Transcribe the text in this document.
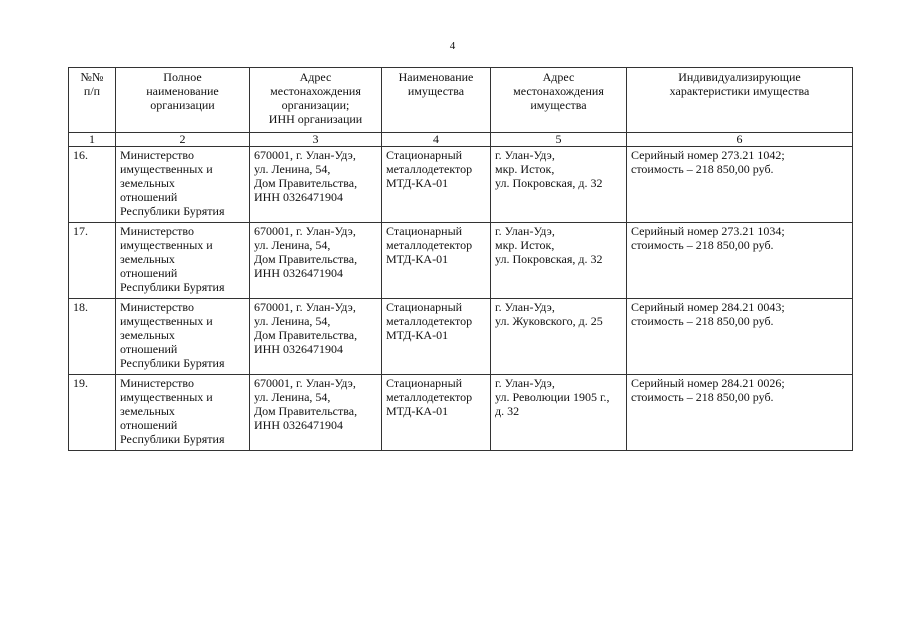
4
№№
п/п	Полное
наименование
организации	Адрес
местонахождения
организации;
ИНН организации	Наименование
имущества	Адрес
местонахождения
имущества	Индивидуализирующие
характеристики имущества

1	2	3	4	5	6
16.	Министерство
имущественных и
земельных
отношений
Республики Бурятия	670001, г. Улан-Удэ,
ул. Ленина, 54,
Дом Правительства,
ИНН 0326471904	Стационарный
металлодетектор
МТД-КА-01	г. Улан-Удэ,
мкр. Исток,
ул. Покровская, д. 32	Серийный номер 273.21 1042;
стоимость – 218 850,00 руб.

17.	Министерство
имущественных и
земельных
отношений
Республики Бурятия	670001, г. Улан-Удэ,
ул. Ленина, 54,
Дом Правительства,
ИНН 0326471904	Стационарный
металлодетектор
МТД-КА-01	г. Улан-Удэ,
мкр. Исток,
ул. Покровская, д. 32	Серийный номер 273.21 1034;
стоимость – 218 850,00 руб.

18.	Министерство
имущественных и
земельных
отношений
Республики Бурятия	670001, г. Улан-Удэ,
ул. Ленина, 54,
Дом Правительства,
ИНН 0326471904	Стационарный
металлодетектор
МТД-КА-01	г. Улан-Удэ,
ул. Жуковского, д. 25	Серийный номер 284.21 0043;
стоимость – 218 850,00 руб.

19.	Министерство
имущественных и
земельных
отношений
Республики Бурятия	670001, г. Улан-Удэ,
ул. Ленина, 54,
Дом Правительства,
ИНН 0326471904	Стационарный
металлодетектор
МТД-КА-01	г. Улан-Удэ,
ул. Революции 1905 г.,
д. 32	Серийный номер 284.21 0026;
стоимость – 218 850,00 руб.
